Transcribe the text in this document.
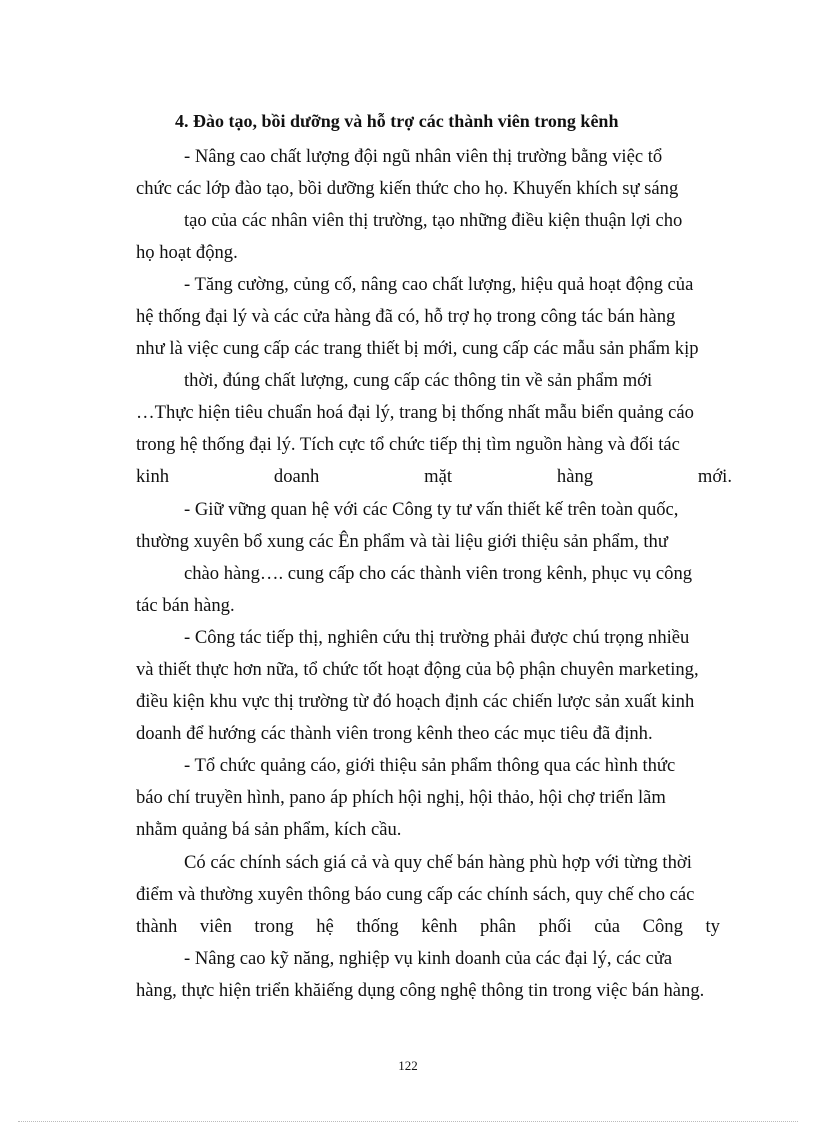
4. Đào tạo, bồi dưỡng và hỗ trợ các thành viên trong kênh
- Nâng cao chất lượng đội ngũ nhân viên thị trường bằng việc tổ
chức các lớp đào tạo, bồi dưỡng kiến thức cho họ. Khuyến khích sự sáng
tạo của các nhân viên thị trường, tạo những điều kiện thuận lợi cho
họ hoạt động.
- Tăng cường, củng cố, nâng cao chất lượng, hiệu quả hoạt động của
hệ thống đại lý và các cửa hàng đã có, hỗ trợ họ trong công tác bán hàng
như là việc cung cấp các trang thiết bị mới, cung cấp các mẫu sản phẩm kịp
thời, đúng chất lượng, cung cấp các thông tin về sản phẩm mới
…Thực hiện tiêu chuẩn hoá đại lý, trang bị thống nhất mẫu biển quảng cáo
trong hệ thống đại lý. Tích cực tổ chức tiếp thị tìm nguồn hàng và đối tác
kinh	doanh	mặt	hàng	mới.
- Giữ vững quan hệ với các Công ty tư vấn thiết kế trên toàn quốc,
thường xuyên bổ xung các Ên phẩm và tài liệu giới thiệu sản phẩm, thư
chào hàng…. cung cấp cho các thành viên trong kênh, phục vụ công
tác bán hàng.
- Công tác tiếp thị, nghiên cứu thị trường phải được chú trọng nhiều
và thiết thực hơn nữa, tổ chức tốt hoạt động của bộ phận chuyên marketing,
điều kiện khu vực thị trường từ đó hoạch định các chiến lược sản xuất kinh
doanh để hướng các thành viên trong kênh theo các mục tiêu đã định.
- Tổ chức quảng cáo, giới thiệu sản phẩm thông qua các hình thức
báo chí truyền hình, pano áp phích hội nghị, hội thảo, hội chợ triển lãm
nhằm quảng bá sản phẩm, kích cầu.
Có các chính sách giá cả và quy chế bán hàng phù hợp với từng thời
điểm và thường xuyên thông báo cung cấp các chính sách, quy chế cho các
thành viên trong hệ thống kênh phân phối của Công ty
- Nâng cao kỹ năng, nghiệp vụ kinh doanh của các đại lý, các cửa
hàng, thực hiện triển khăiếng dụng công nghệ thông tin trong việc bán hàng.
122
